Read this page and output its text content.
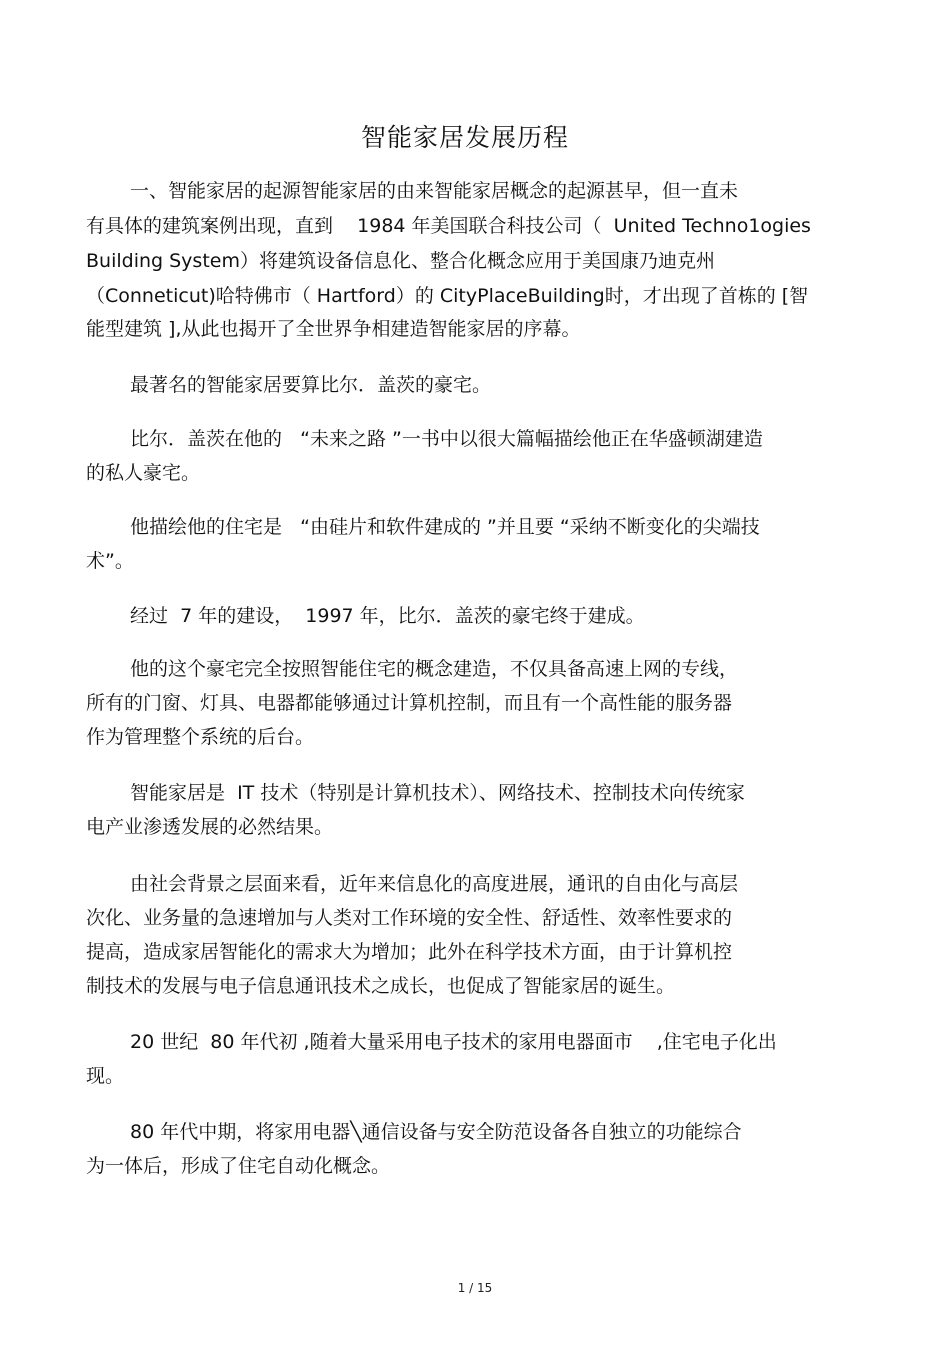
智能家居发展历程
一、智能家居的起源智能家居的由来智能家居概念的起源甚早，但一直未
有具体的建筑案例出现，直到    1984 年美国联合科技公司（  United Techno1ogies
Building System）将建筑设备信息化、整合化概念应用于美国康乃迪克州
（Conneticut)哈特佛市（ Hartford）的 CityPlaceBuilding时，才出现了首栋的 [智
能型建筑 ],从此也揭开了全世界争相建造智能家居的序幕。
最著名的智能家居要算比尔．盖茨的豪宅。
比尔．盖茨在他的   “未来之路 ”一书中以很大篇幅描绘他正在华盛顿湖建造
的私人豪宅。
他描绘他的住宅是   “由硅片和软件建成的 ”并且要 “采纳不断变化的尖端技
术”。
经过  7 年的建设，  1997 年，比尔．盖茨的豪宅终于建成。
他的这个豪宅完全按照智能住宅的概念建造，不仅具备高速上网的专线，
所有的门窗、灯具、电器都能够通过计算机控制，而且有一个高性能的服务器
作为管理整个系统的后台。
智能家居是  IT 技术（特别是计算机技术）、网络技术、控制技术向传统家
电产业渗透发展的必然结果。
由社会背景之层面来看，近年来信息化的高度进展，通讯的自由化与高层
次化、业务量的急速增加与人类对工作环境的安全性、舒适性、效率性要求的
提高，造成家居智能化的需求大为增加；此外在科学技术方面，由于计算机控
制技术的发展与电子信息通讯技术之成长，也促成了智能家居的诞生。
20 世纪  80 年代初 ,随着大量采用电子技术的家用电器面市    ,住宅电子化出
现。
80 年代中期，将家用电器╲通信设备与安全防范设备各自独立的功能综合
为一体后，形成了住宅自动化概念。
1 / 15
